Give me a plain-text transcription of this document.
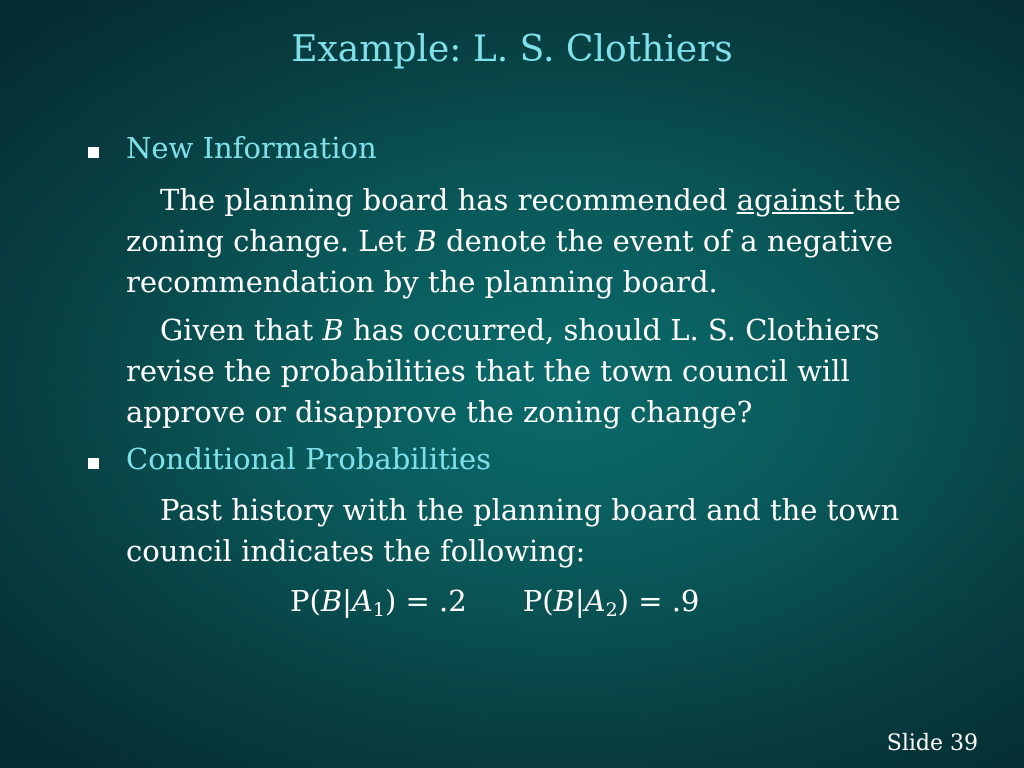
Example: L. S. Clothiers
New Information
The planning board has recommended against the zoning change. Let B denote the event of a negative recommendation by the planning board.
Given that B has occurred, should L. S. Clothiers revise the probabilities that the town council will approve or disapprove the zoning change?
Conditional Probabilities
Past history with the planning board and the town council indicates the following:
$P(B|A_1) = .2$ $P(B|A_2) = .9$
Slide 39
